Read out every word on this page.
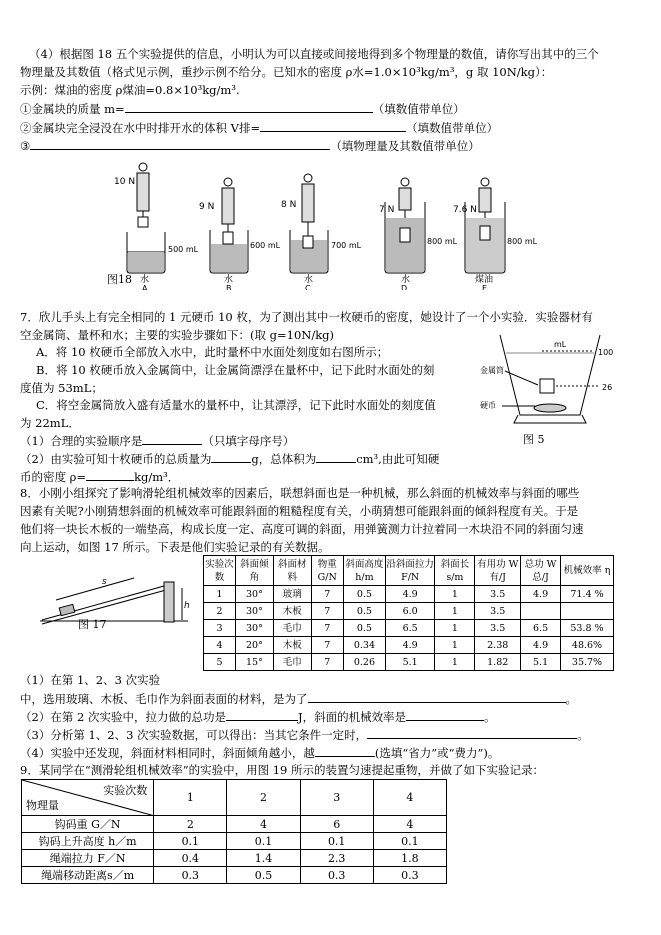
（4）根据图 18 五个实验提供的信息，小明认为可以直接或间接地得到多个物理量的数值，请你写出其中的三个
物理量及其数值（格式见示例，重抄示例不给分。已知水的密度 ρ水=1.0×10³kg/m³，g 取 10N/kg）：
示例：煤油的密度 ρ煤油=0.8×10³kg/m³.
①金属块的质量 m=	（填数值带单位）
②金属块完全浸没在水中时排开水的体积 V排=	（填数值带单位）
③	（填物理量及其数值带单位）
10 N
500 mL
水
A
9 N
600 mL
水
B
8 N
700 mL
水
C
7 N
800 mL
水
D
7.6 N
800 mL
煤油
E
图18
7．欣儿手头上有完全相同的 1 元硬币 10 枚，为了测出其中一枚硬币的密度，她设计了一个小实验．实验器材有
空金属筒、量杯和水；主要的实验步骤如下：(取 g=10N/kg)
A．将 10 枚硬币全部放入水中，此时量杯中水面处刻度如右图所示；
B．将 10 枚硬币放入金属筒中，让金属筒漂浮在量杯中，记下此时水面处的刻
度值为 53mL；
C．将空金属筒放入盛有适量水的量杯中，让其漂浮，记下此时水面处的刻度值
为 22mL．
（1）合理的实验顺序是	（只填字母序号）
（2）由实验可知十枚硬币的总质量为	g，总体积为	cm³,由此可知硬
币的密度 ρ=	kg/m³．
mL
100
26
金属筒
硬币
图 5
8．小刚小组探究了影响滑轮组机械效率的因素后，联想斜面也是一种机械，那么斜面的机械效率与斜面的哪些
因素有关呢?小刚猜想斜面的机械效率可能跟斜面的粗糙程度有关，小萌猜想可能跟斜面的倾斜程度有关。于是
他们将一块长木板的一端垫高，构成长度一定、高度可调的斜面，用弹簧测力计拉着同一木块沿不同的斜面匀速
向上运动，如图 17 所示。下表是他们实验记录的有关数据。
s
h
图 17
实验次数	斜面倾角	斜面材料	物重 G/N	斜面高度 h/m	沿斜面拉力 F/N	斜面长 s/m	有用功 W有/J	总功 W总/J	机械效率 η
1	30°	玻璃	7	0.5	4.9	1	3.5	4.9	71.4 %
2	30°	木板	7	0.5	6.0	1	3.5		
3	30°	毛巾	7	0.5	6.5	1	3.5	6.5	53.8 %
4	20°	木板	7	0.34	4.9	1	2.38	4.9	48.6%
5	15°	毛巾	7	0.26	5.1	1	1.82	5.1	35.7%
（1）在第 1、2、3 次实验
中，选用玻璃、木板、毛巾作为斜面表面的材料，是为了	。
（2）在第 2 次实验中，拉力做的总功是	J，斜面的机械效率是	。
（3）分析第 1、2、3 次实验数据，可以得出：当其它条件一定时，	。
（4）实验中还发现，斜面材料相同时，斜面倾角越小，越	(选填“省力”或“费力”)。
9．某同学在“测滑轮组机械效率”的实验中，用图 19 所示的装置匀速提起重物，并做了如下实验记录：
实验次数
物理量	1	2	3	4
钩码重 G／N	2	4	6	4
钩码上升高度 h／m	0.1	0.1	0.1	0.1
绳端拉力 F／N	0.4	1.4	2.3	1.8
绳端移动距离s／m	0.3	0.5	0.3	0.3
